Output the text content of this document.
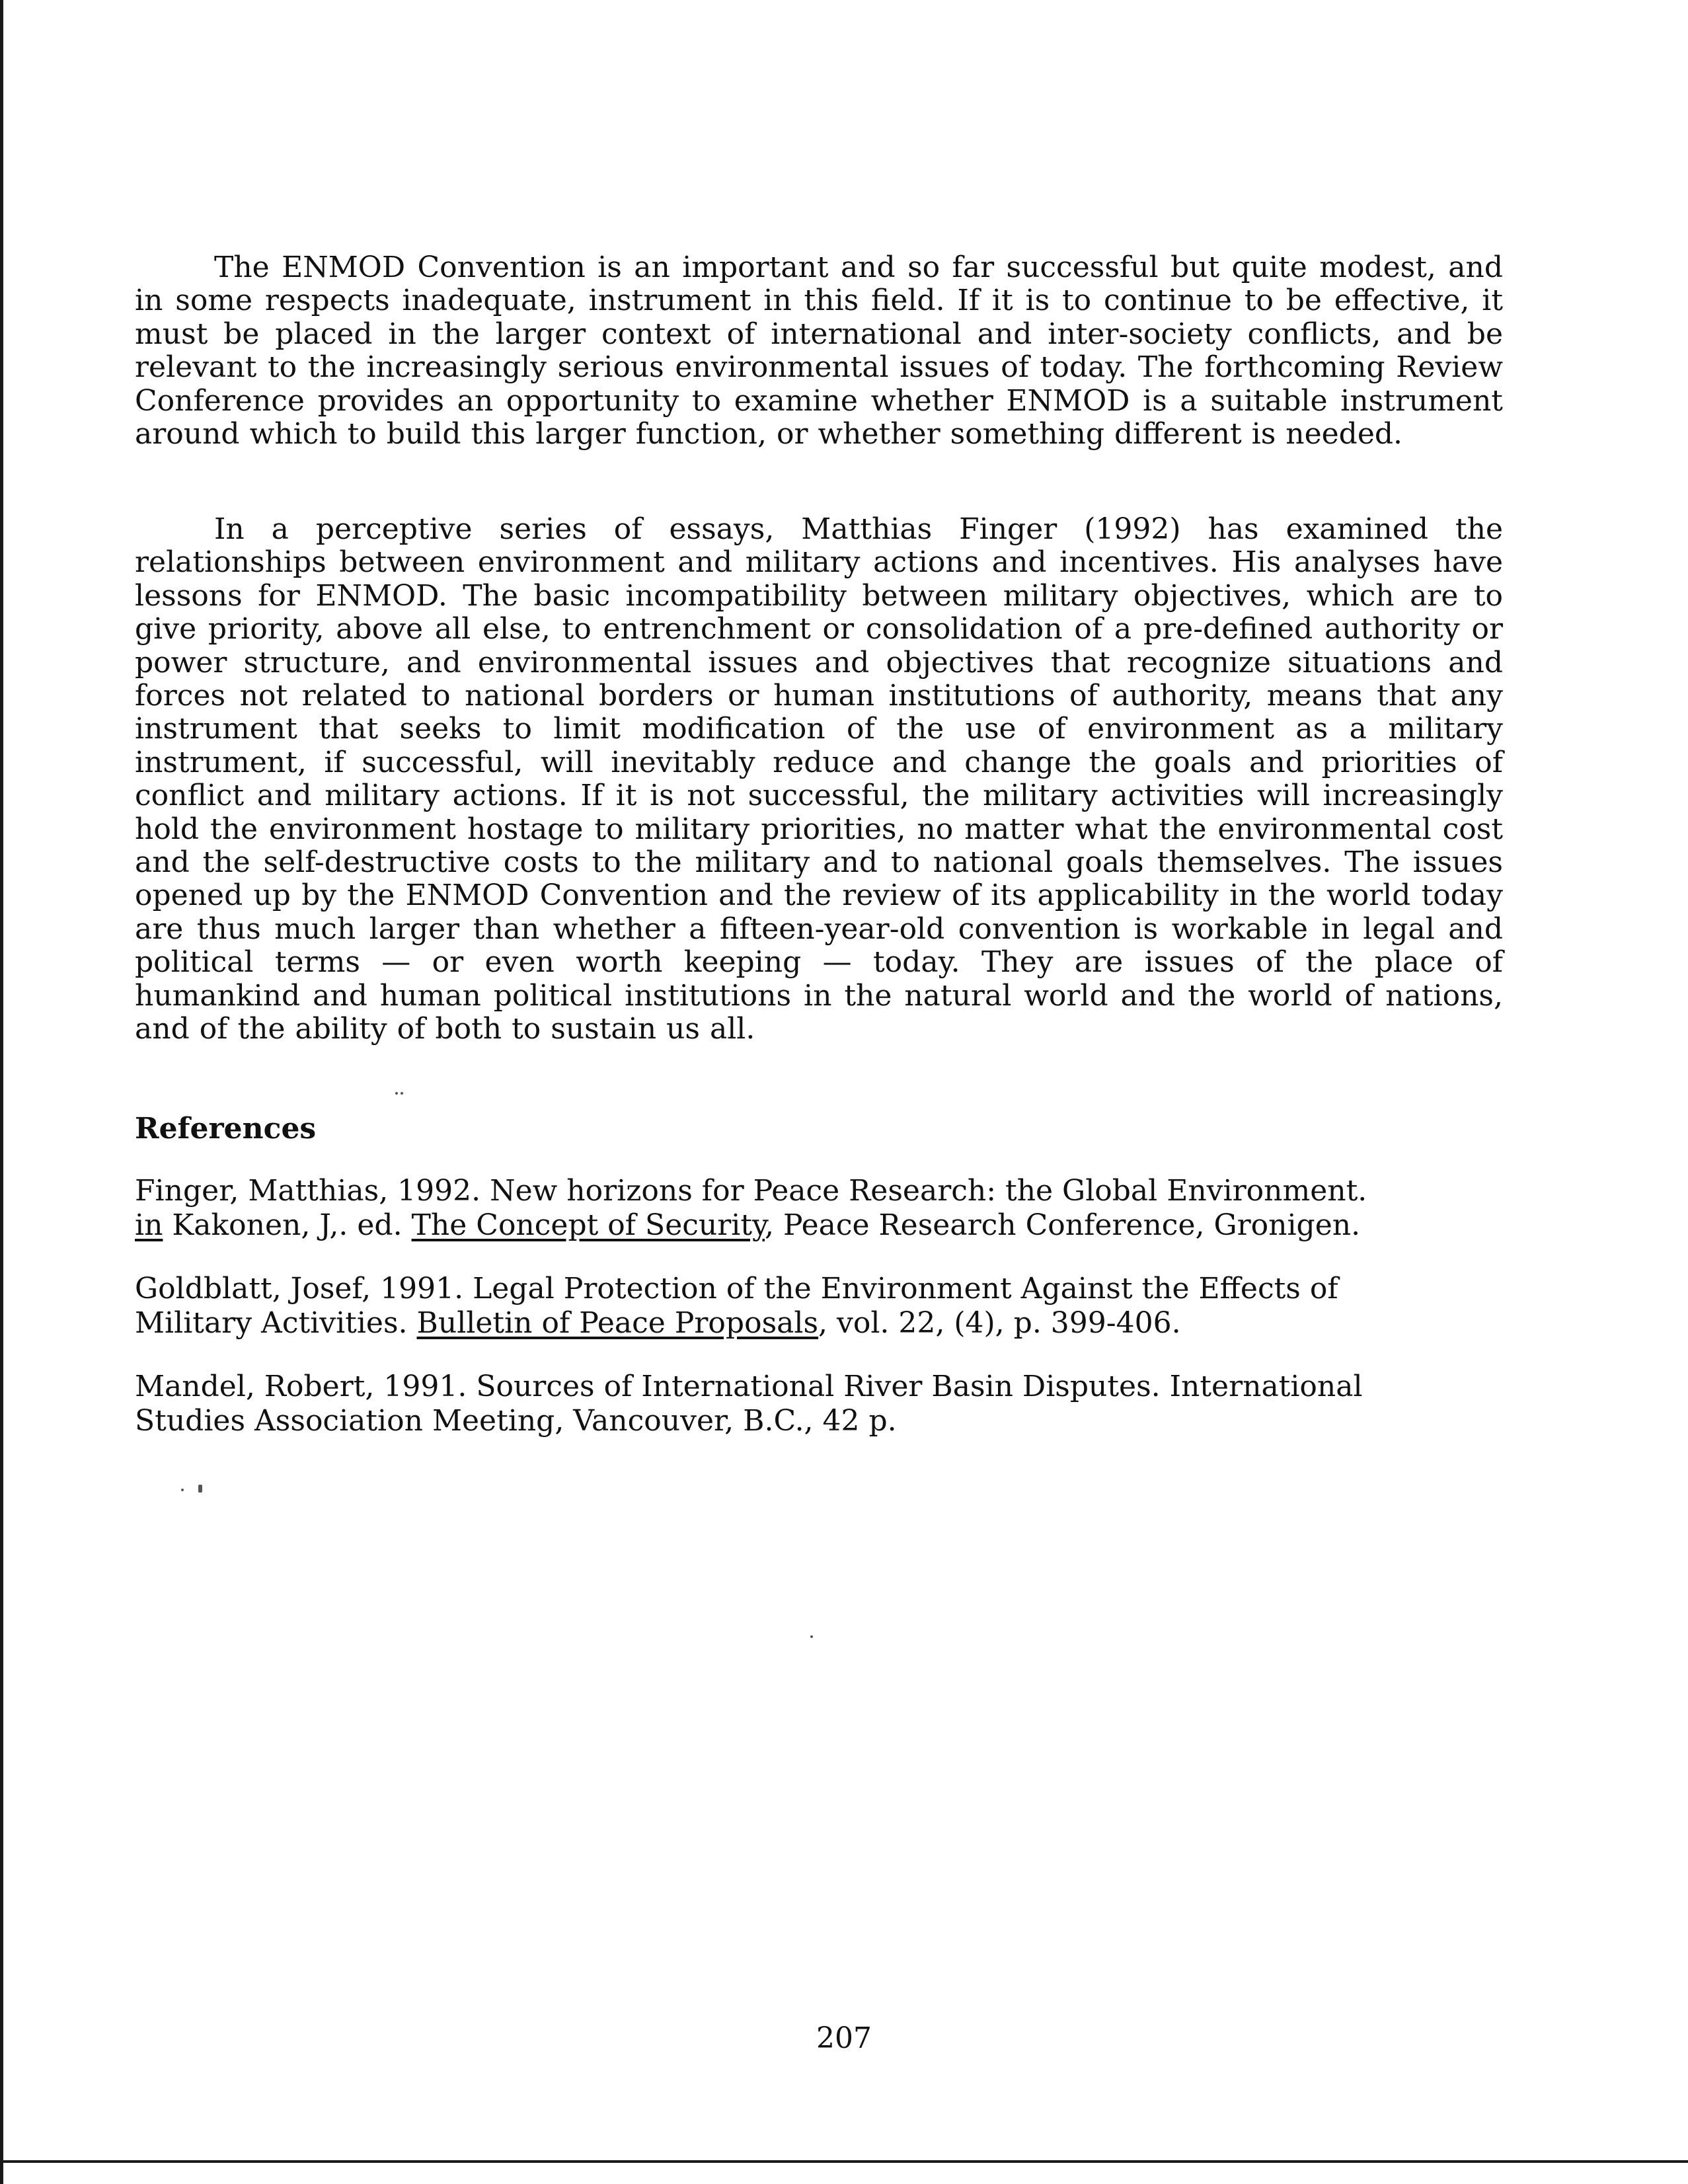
The ENMOD Convention is an important and so far successful but quite modest, and in some respects inadequate, instrument in this field. If it is to continue to be effective, it must be placed in the larger context of international and inter-society conflicts, and be relevant to the increasingly serious environmental issues of today. The forthcoming Review Conference provides an opportunity to examine whether ENMOD is a suitable instrument around which to build this larger function, or whether something different is needed.

In a perceptive series of essays, Matthias Finger (1992) has examined the relationships between environment and military actions and incentives. His analyses have lessons for ENMOD. The basic incompatibility between military objectives, which are to give priority, above all else, to entrenchment or consolidation of a pre-defined authority or power structure, and environmental issues and objectives that recognize situations and forces not related to national borders or human institutions of authority, means that any instrument that seeks to limit modification of the use of environment as a military instrument, if successful, will inevitably reduce and change the goals and priorities of conflict and military actions. If it is not successful, the military activities will increasingly hold the environment hostage to military priorities, no matter what the environmental cost and the self-destructive costs to the military and to national goals themselves. The issues opened up by the ENMOD Convention and the review of its applicability in the world today are thus much larger than whether a fifteen-year-old convention is workable in legal and political terms — or even worth keeping — today. They are issues of the place of humankind and human political institutions in the natural world and the world of nations, and of the ability of both to sustain us all.

References
Finger, Matthias, 1992. New horizons for Peace Research: the Global Environment.
in Kakonen, J,. ed. The Concept of Security, Peace Research Conference, Gronigen.
Goldblatt, Josef, 1991. Legal Protection of the Environment Against the Effects of
Military Activities. Bulletin of Peace Proposals, vol. 22, (4), p. 399-406.
Mandel, Robert, 1991. Sources of International River Basin Disputes. International
Studies Association Meeting, Vancouver, B.C., 42 p.
207
